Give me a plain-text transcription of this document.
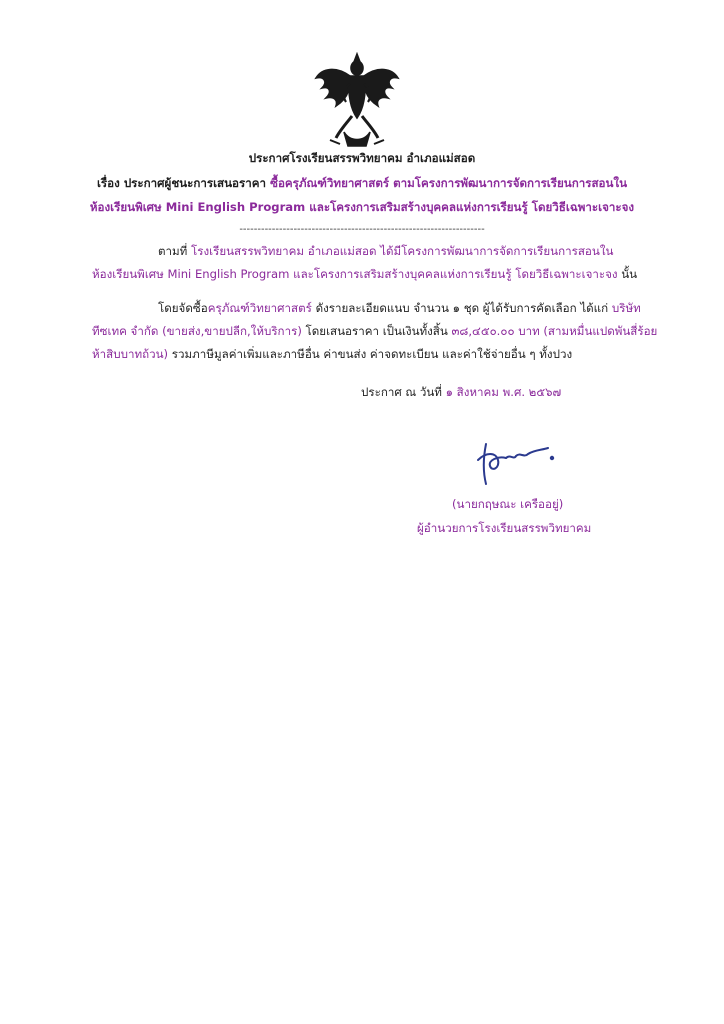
ประกาศโรงเรียนสรรพวิทยาคม อำเภอแม่สอด
เรื่อง ประกาศผู้ชนะการเสนอราคา ซื้อครุภัณฑ์วิทยาศาสตร์ ตามโครงการพัฒนาการจัดการเรียนการสอนใน
ห้องเรียนพิเศษ Mini English Program และโครงการเสริมสร้างบุคคลแห่งการเรียนรู้ โดยวิธีเฉพาะเจาะจง
--------------------------------------------------------------------
ตามที่ โรงเรียนสรรพวิทยาคม อำเภอแม่สอด ได้มีโครงการพัฒนาการจัดการเรียนการสอนใน
ห้องเรียนพิเศษ Mini English Program และโครงการเสริมสร้างบุคคลแห่งการเรียนรู้ โดยวิธีเฉพาะเจาะจง นั้น
โดยจัดซื้อครุภัณฑ์วิทยาศาสตร์ ดังรายละเอียดแนบ จำนวน ๑ ชุด ผู้ได้รับการคัดเลือก ได้แก่ บริษัท
ทีซเทค จำกัด (ขายส่ง,ขายปลีก,ให้บริการ) โดยเสนอราคา เป็นเงินทั้งสิ้น ๓๘,๔๕๐.๐๐ บาท (สามหมื่นแปดพันสี่ร้อย
ห้าสิบบาทถ้วน) รวมภาษีมูลค่าเพิ่มและภาษีอื่น ค่าขนส่ง ค่าจดทะเบียน และค่าใช้จ่ายอื่น ๆ ทั้งปวง
ประกาศ ณ วันที่ ๑ สิงหาคม พ.ศ. ๒๕๖๗
(นายกฤษณะ เครืออยู่)
ผู้อำนวยการโรงเรียนสรรพวิทยาคม
